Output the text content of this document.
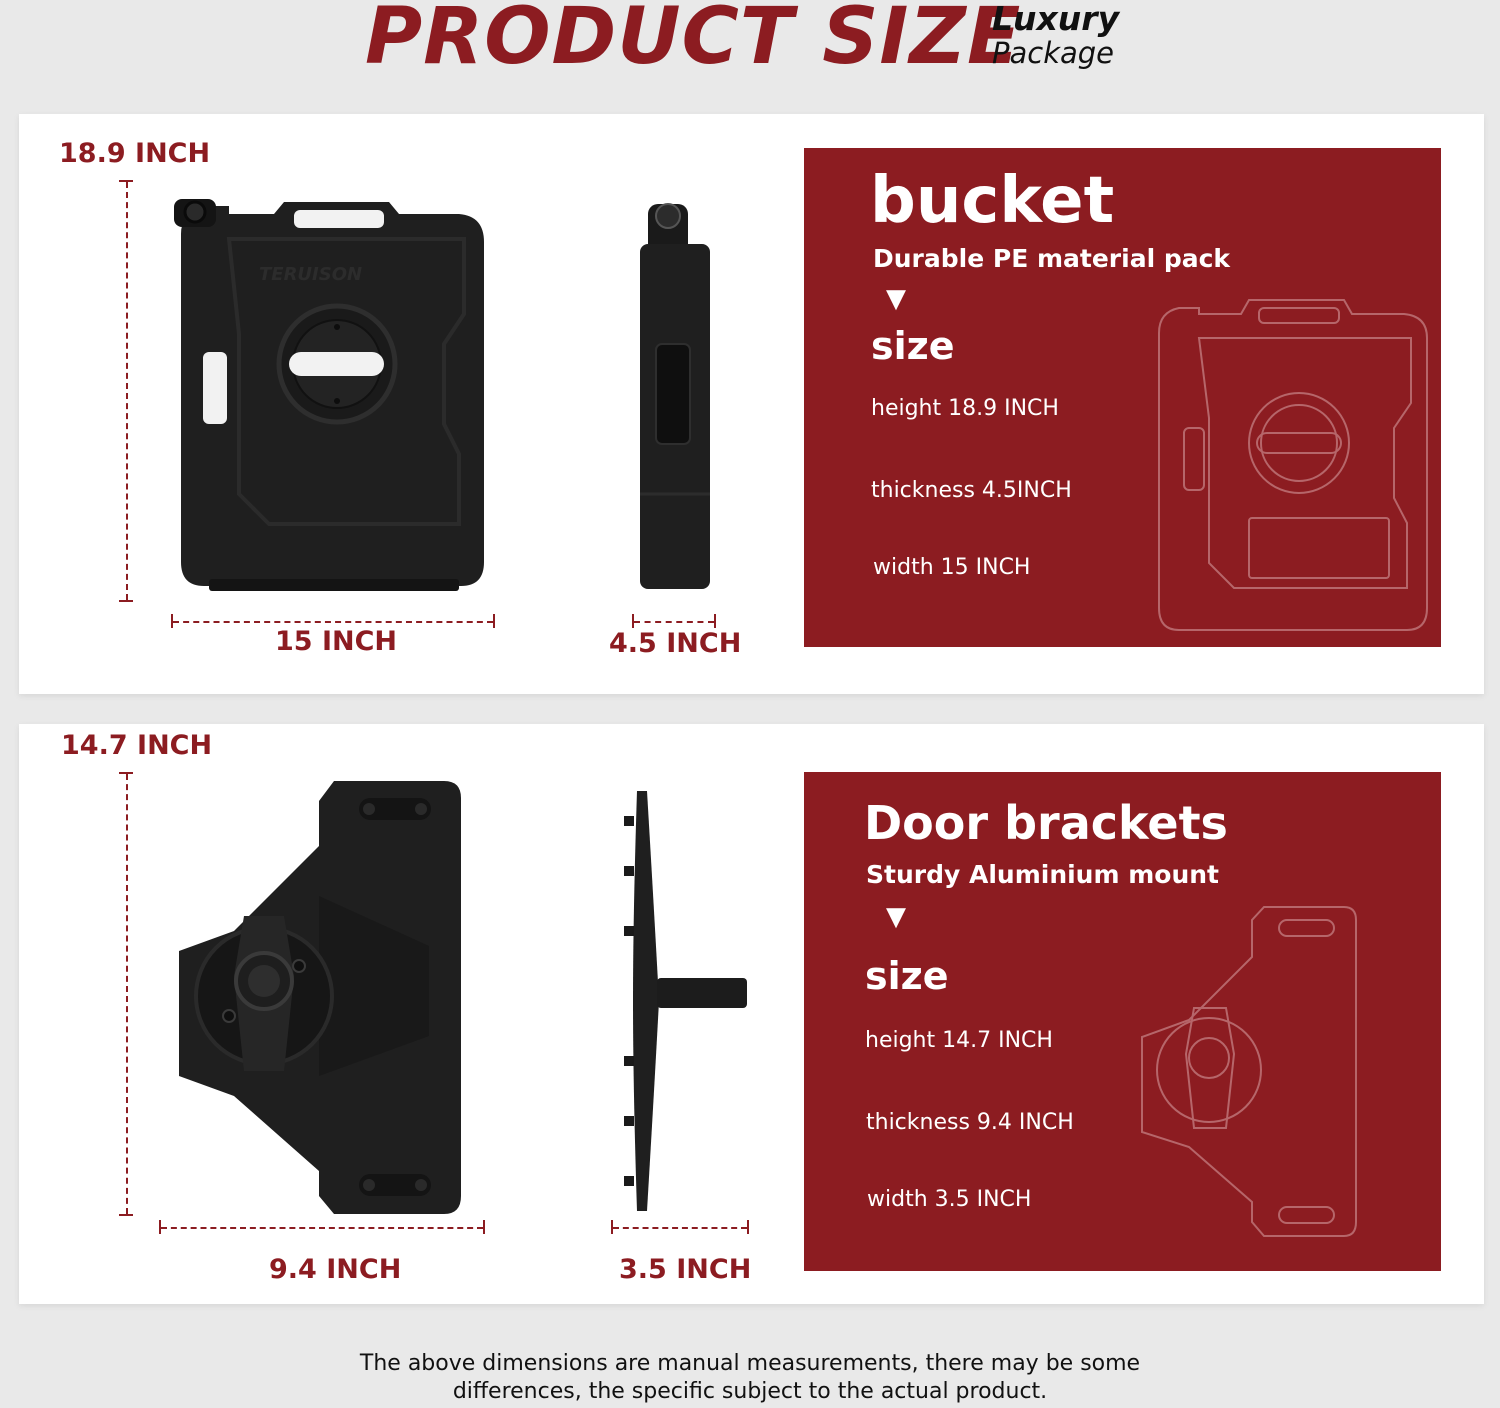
PRODUCT SIZE
Luxury
Package
18.9 INCH
TERUISON
15 INCH	4.5 INCH
bucket
Durable PE material pack
▼
size
height 18.9 INCH
thickness 4.5INCH
width 15 INCH
14.7 INCH
9.4 INCH	3.5 INCH
Door brackets
Sturdy Aluminium mount
▼
size
height 14.7 INCH
thickness 9.4 INCH
width 3.5 INCH
The above dimensions are manual measurements, there may be some
differences, the specific subject to the actual product.
